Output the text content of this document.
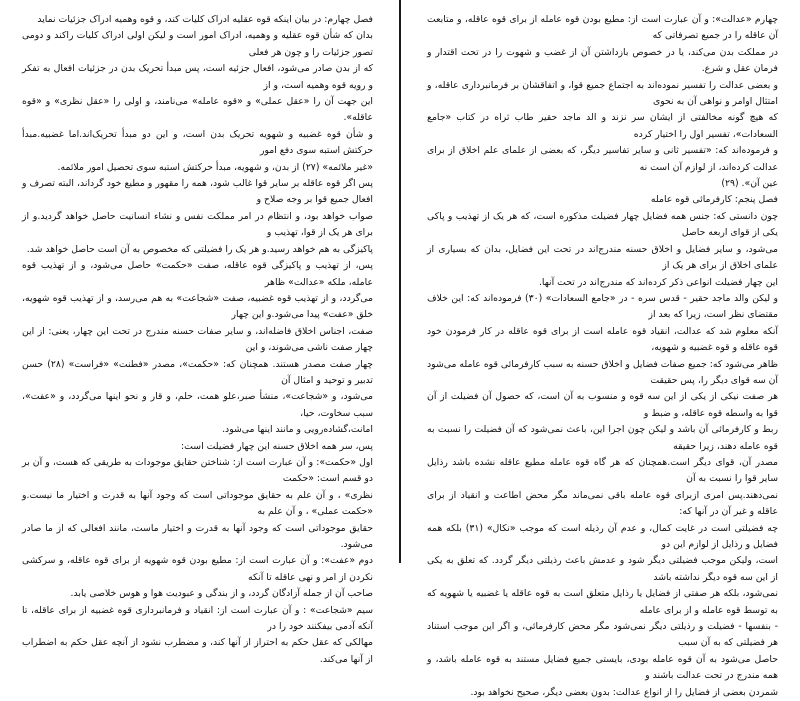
فصل چهارم: در بیان اینکه قوه عقلیه ادراک کلیات کند، و قوه وهمیه ادراک جزئیات نماید

بدان که شأن قوه عقلیه و وهمیه، ادراک امور است و لیکن اولی ادراک کلیات راکند و دومی تصور جزئیات را و چون هر فعلی

که از بدن صادر می‌شود، افعال جزئیه است، پس مبدأ تحریک بدن در جزئیات افعال به تفکر و رویه قوه وهمیه است، و از

این جهت آن را «عقل عملی» و «قوه عامله» می‌نامند، و اولی را «عقل نظری» و «قوه عاقله».

و شأن قوه غضبیه و شهویه تحریک بدن است، و این دو مبدأ تحریک‌اند.اما غضبیه.مبدأ حرکتش استبه سوی دفع امور

«غیر ملائمه» (۲۷) از بدن، و شهویه، مبدأ حرکتش استبه سوی تحصیل امور ملائمه.

پس اگر قوه عاقله بر سایر قوا غالب شود، همه را مقهور و مطیع خود گرداند، البته تصرف و افعال جمیع قوا بر وجه صلاح و

صواب خواهد بود، و انتظام در امر مملکت نفس و نشاء انسانیت حاصل خواهد گردید.و از برای هر یک از قوا، تهذیب و

پاکیزگی به هم خواهد رسید.و هر یک را فضیلتی که مخصوص به آن است حاصل خواهد شد.

پس، از تهذیب و پاکیزگی قوه عاقله، صفت «حکمت» حاصل می‌شود، و از تهذیب قوه عامله، ملکه «عدالت» ظاهر

می‌گردد، و از تهذیب قوه غضبیه، صفت «شجاعت» به هم می‌رسد، و از تهذیب قوه شهویه، خلق «عفت» پیدا می‌شود.و این چهار

صفت، اجناس اخلاق فاضله‌اند، و سایر صفات حسنه مندرج در تحت این چهار، یعنی: از این چهار صفت ناشی می‌شوند، و این

چهار صفت مصدر هستند. همچنان که: «حکمت»، مصدر «فطنت» «فراست» (۲۸) حسن تدبیر و توحید و امثال آن

می‌شود، و «شجاعت»، منشأ صبر،علو همت، حلم، و قار و نحو اینها می‌گردد، و «عفت»، سبب سخاوت، حیا،

امانت،گشاده‌رویی و مانند اینها می‌شود.

پس، سر همه اخلاق حسنه این چهار فضیلت است:

اول «حکمت»: و آن عبارت است از: شناختن حقایق موجودات به طریقی که هست، و آن بر دو قسم است: «حکمت

نظری» ، و آن علم به حقایق موجوداتی است که وجود آنها به قدرت و اختیار ما نیست.و «حکمت عملی» ، و آن علم به

حقایق موجوداتی است که وجود آنها به قدرت و اختیار ماست، مانند افعالی که از ما صادر می‌شود.

دوم «عفت»: و آن عبارت است از: مطیع بودن قوه شهویه از برای قوه عاقله، و سرکشی نکردن از امر و نهی عاقله تا آنکه

صاحب آن از جمله آزادگان گردد، و از بندگی و عبودیت هوا و هوس خلاصی یابد.

سیم «شجاعت» : و آن عبارت است از: انقیاد و فرمانبرداری قوه غضبیه از برای عاقله، تا آنکه آدمی بیفکنند خود را در

مهالکی که عقل حکم به احتراز از آنها کند، و مضطرب نشود از آنچه عقل حکم به اضطراب از آنها می‌کند.

چهارم «عدالت»: و آن عبارت است از: مطیع بودن قوه عامله از برای قوه عاقله، و متابعت آن عاقله را در جمیع تصرفاتی که

در مملکت بدن می‌کند، یا در خصوص بازداشتن آن از غضب و شهوت را در تحت اقتدار و فرمان عقل و شرع.

و بعضی عدالت را تفسیر نموده‌اند به اجتماع جمیع قوا، و اتفاقشان بر فرمانبرداری عاقله، و امتثال اوامر و نواهی آن به نحوی

که هیچ گونه مخالفتی از ایشان سر نزند و الد ماجد حقیر طاب ثراه در کتاب «جامع السعادات»، تفسیر اول را اختیار کرده

و فرموده‌اند که: «تفسیر ثانی و سایر تفاسیر دیگر، که بعضی از علمای علم اخلاق از برای عدالت کرده‌اند، از لوازم آن است نه

عین آن». (۲۹)

فصل پنجم: کارفرمائی قوه عامله

چون دانستی که: جنس همه فضایل چهار فضیلت مذکوره است، که هر یک از تهذیب و پاکی یکی از قوای اربعه حاصل

می‌شود، و سایر فضایل و اخلاق حسنه مندرج‌اند در تحت این فضایل، بدان که بسیاری از علمای اخلاق از برای هر یک از

این چهار فضیلت انواعی ذکر کرده‌اند که مندرج‌اند در تحت آنها.

و لیکن والد ماجد حقیر - قدس سره - در «جامع السعادات» (۳۰) فرموده‌اند که: این خلاف مقتضای نظر است، زیرا که بعد از

آنکه معلوم شد که عدالت، انقیاد قوه عامله است از برای قوه عاقله در کار فرمودن خود قوه عاقله و قوه غضبیه و شهویه،

ظاهر می‌شود که: جمیع صفات فضایل و اخلاق حسنه به سبب کارفرمائی قوه عامله می‌شود آن سه قوای دیگر را، پس حقیقت

هر صفت نیکی از یکی از این سه قوه و منسوب به آن است، که حصول آن فضیلت از آن قوا به واسطه قوه عاقله، و ضبط و

ربط و کارفرمائی آن باشد و لیکن چون اجرا این، باعث نمی‌شود که آن فضیلت را نسبت به قوه عامله دهند، زیرا حقیقه

مصدر آن، قوای دیگر است.همچنان که هر گاه قوه عامله مطیع عاقله نشده باشد رذایل سایر قوا را نسبت به آن

نمی‌دهند.پس امری ازبرای قوه عامله باقی نمی‌ماند مگر محض اطاعت و انقیاد از برای عاقله و غیر آن در آنها که:

چه فضیلتی است در غایت کمال، و عدم آن رذیله است که موجب «نکال» (۳۱) بلکه همه فضایل و رذایل از لوازم این دو

است، ولیکن موجب فضیلتی دیگر شود و عدمش باعث رذیلتی دیگر گردد. که تعلق به یکی از این سه قوه دیگر نداشته باشد

نمی‌شود، بلکه هر صفتی از فضایل یا رذایل متعلق است به قوه عاقله یا غضبیه یا شهویه که به توسط قوه عامله و از برای عامله

- بنفسها - فضیلت و رذیلتی دیگر نمی‌شود مگر محض کارفرمائی، و اگر این موجب استناد هر فضیلتی که به آن سبب

حاصل می‌شود به آن قوه عامله بودی، بایستی جمیع فضایل مستند به قوه عامله باشد، و همه مندرج در تحت عدالت باشند و

شمردن بعضی از فضایل را از انواع عدالت: بدون بعضی دیگر، صحیح نخواهد بود.
